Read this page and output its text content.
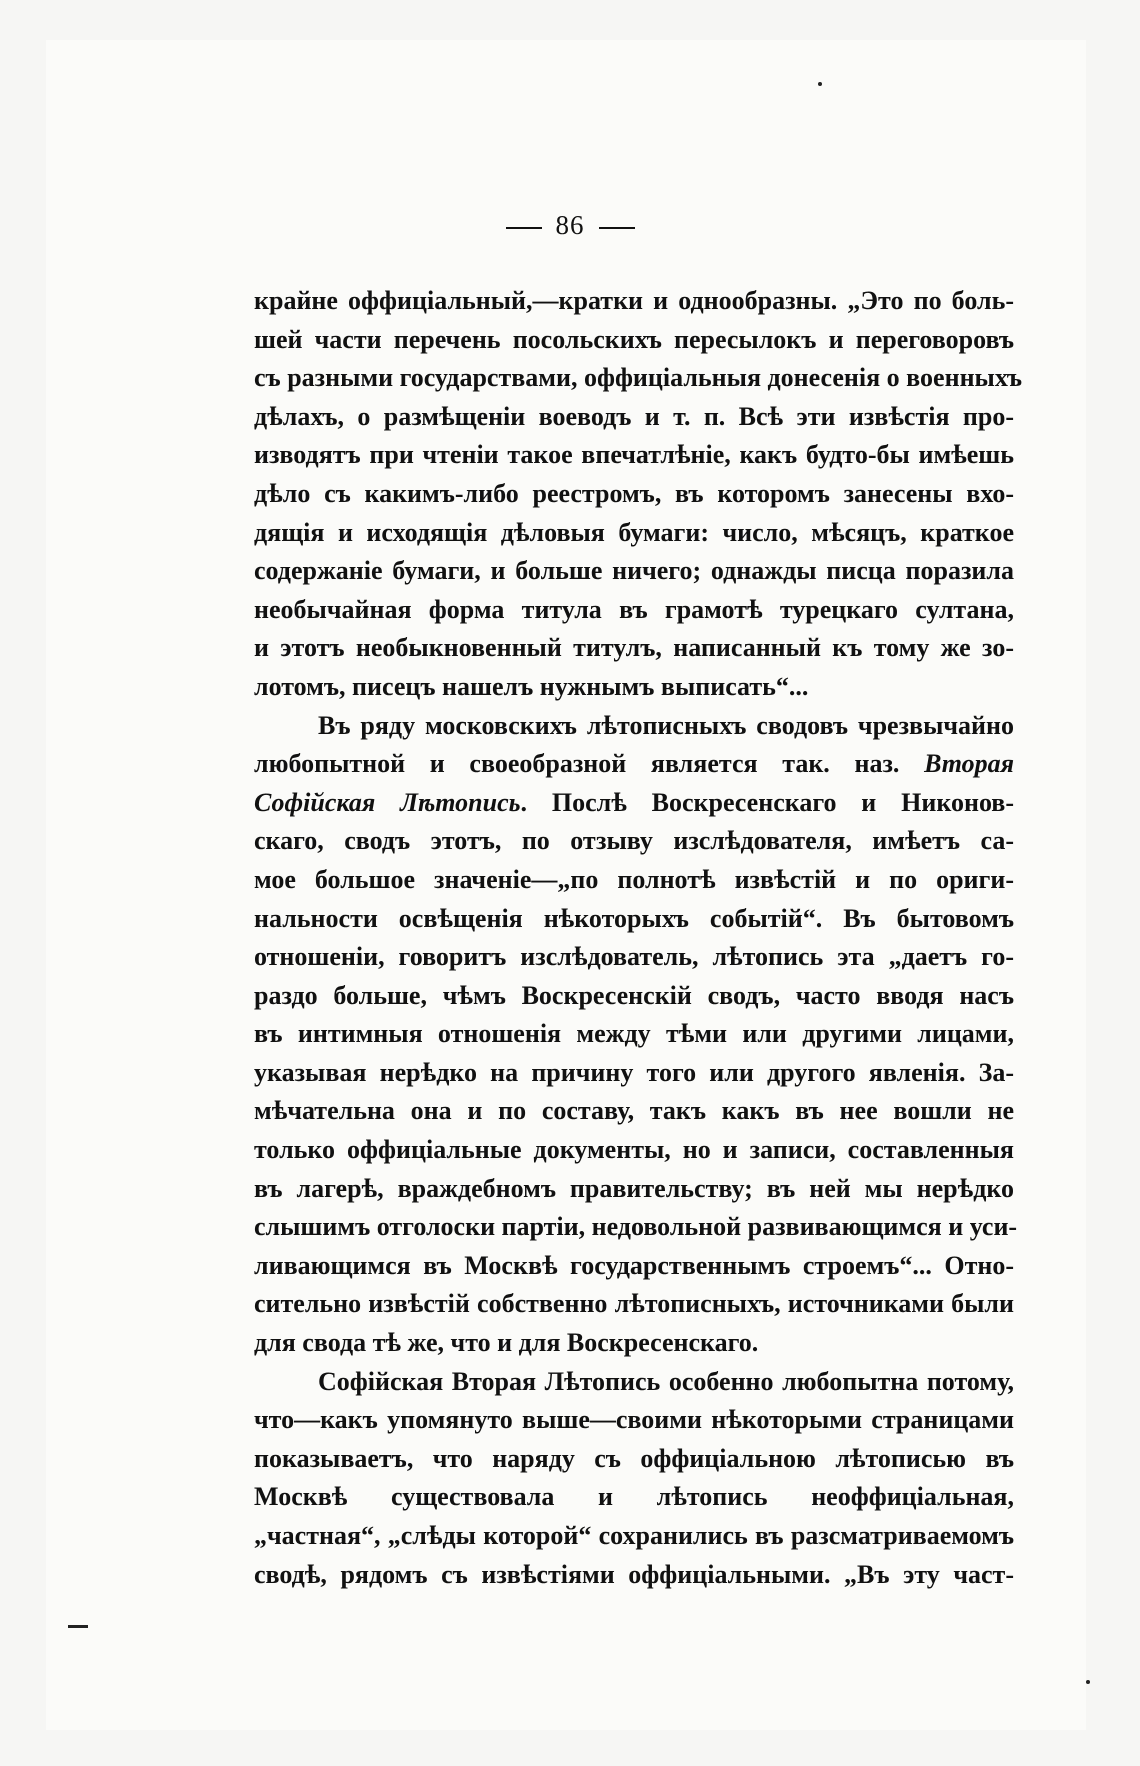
86
крайне оффиціальный,—кратки и однообразны. „Это по боль-
шей части перечень посольскихъ пересылокъ и переговоровъ
съ разными государствами, оффиціальныя донесенія о военныхъ
дѣлахъ, о размѣщеніи воеводъ и т. п. Всѣ эти извѣстія про-
изводятъ при чтеніи такое впечатлѣніе, какъ будто-бы имѣешь
дѣло съ какимъ-либо реестромъ, въ которомъ занесены вхо-
дящія и исходящія дѣловыя бумаги: число, мѣсяцъ, краткое
содержаніе бумаги, и больше ничего; однажды писца поразила
необычайная форма титула въ грамотѣ турецкаго султана,
и этотъ необыкновенный титулъ, написанный къ тому же зо-
лотомъ, писецъ нашелъ нужнымъ выписать“...
Въ ряду московскихъ лѣтописныхъ сводовъ чрезвычайно
любопытной и своеобразной является так. наз. Вторая
Софійская Лѣтопись. Послѣ Воскресенскаго и Никонов-
скаго, сводъ этотъ, по отзыву изслѣдователя, имѣетъ са-
мое большое значеніе—„по полнотѣ извѣстій и по ориги-
нальности освѣщенія нѣкоторыхъ событій“. Въ бытовомъ
отношеніи, говоритъ изслѣдователь, лѣтопись эта „даетъ го-
раздо больше, чѣмъ Воскресенскій сводъ, часто вводя насъ
въ интимныя отношенія между тѣми или другими лицами,
указывая нерѣдко на причину того или другого явленія. За-
мѣчательна она и по составу, такъ какъ въ нее вошли не
только оффиціальные документы, но и записи, составленныя
въ лагерѣ, враждебномъ правительству; въ ней мы нерѣдко
слышимъ отголоски партіи, недовольной развивающимся и уси-
ливающимся въ Москвѣ государственнымъ строемъ“... Отно-
сительно извѣстій собственно лѣтописныхъ, источниками были
для свода тѣ же, что и для Воскресенскаго.
Софійская Вторая Лѣтопись особенно любопытна потому,
что—какъ упомянуто выше—своими нѣкоторыми страницами
показываетъ, что наряду съ оффиціальною лѣтописью въ
Москвѣ существовала и лѣтопись неоффиціальная,
„частная“, „слѣды которой“ сохранились въ разсматриваемомъ
сводѣ, рядомъ съ извѣстіями оффиціальными. „Въ эту част-
